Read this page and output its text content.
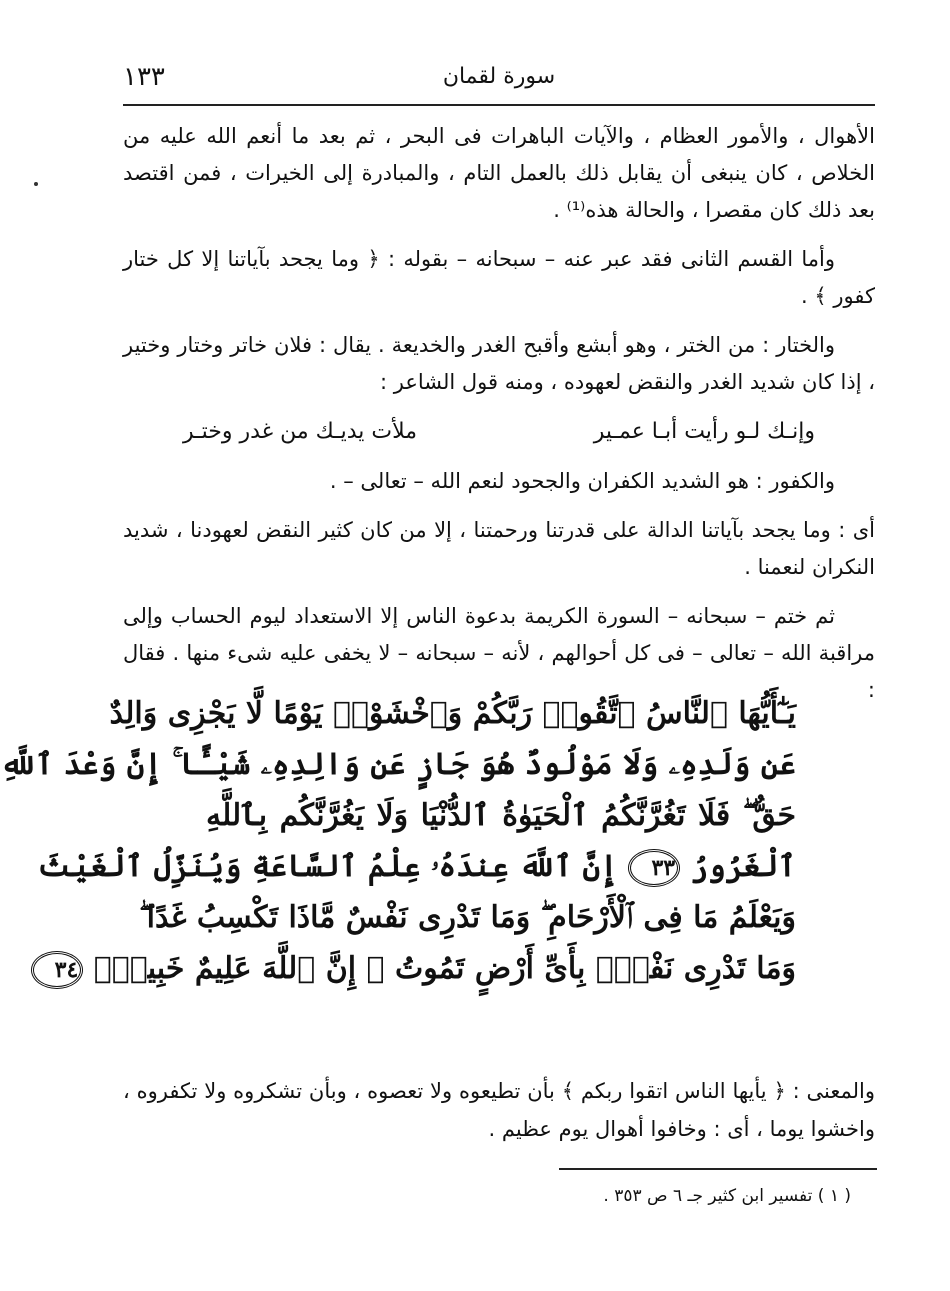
١٣٣	سورة لقمان

الأهوال ، والأمور العظام ، والآيات الباهرات فى البحر ، ثم بعد ما أنعم الله عليه من الخلاص ، كان ينبغى أن يقابل ذلك بالعمل التام ، والمبادرة إلى الخيرات ، فمن اقتصد بعد ذلك كان مقصرا ، والحالة هذه⁽¹⁾ .

وأما القسم الثانى فقد عبر عنه – سبحانه – بقوله : ﴿ وما يجحد بآياتنا إلا كل ختار كفور ﴾ .

والختار : من الختر ، وهو أبشع وأقبح الغدر والخديعة . يقال : فلان خاتر وختار وختير ، إذا كان شديد الغدر والنقض لعهوده ، ومنه قول الشاعر :

وإنـك لـو رأيت أبـا عمـير
ملأت يديـك من غدر وختـر

والكفور : هو الشديد الكفران والجحود لنعم الله – تعالى – .

أى : وما يجحد بآياتنا الدالة على قدرتنا ورحمتنا ، إلا من كان كثير النقض لعهودنا ، شديد النكران لنعمنا .

ثم ختم – سبحانه – السورة الكريمة بدعوة الناس إلا الاستعداد ليوم الحساب وإلى مراقبة الله – تعالى – فى كل أحوالهم ، لأنه – سبحانه – لا يخفى عليه شىء منها . فقال :

يَـٰٓأَيُّهَا ٱلنَّاسُ ٱتَّقُوا۟ رَبَّكُمْ وَٱخْشَوْا۟ يَوْمًا لَّا يَجْزِى وَالِدٌ
عَن وَلَدِهِۦ وَلَا مَوْلُودٌ هُوَ جَازٍ عَن وَالِدِهِۦ شَيْـًٔا ۚ إِنَّ وَعْدَ ٱللَّهِ
حَقٌّ ۖ فَلَا تَغُرَّنَّكُمُ ٱلْحَيَوٰةُ ٱلدُّنْيَا وَلَا يَغُرَّنَّكُم بِٱللَّهِ
ٱلْغَرُورُ ٣٣ إِنَّ ٱللَّهَ عِندَهُۥ عِلْمُ ٱلسَّاعَةِ وَيُنَزِّلُ ٱلْغَيْثَ
وَيَعْلَمُ مَا فِى ٱلْأَرْحَامِ ۖ وَمَا تَدْرِى نَفْسٌ مَّاذَا تَكْسِبُ غَدًا ۖ
وَمَا تَدْرِى نَفْسٌۢ بِأَىِّ أَرْضٍ تَمُوتُ ۚ إِنَّ ٱللَّهَ عَلِيمٌ خَبِيرٌۢ ٣٤
والمعنى : ﴿ يأيها الناس اتقوا ربكم ﴾ بأن تطيعوه ولا تعصوه ، وبأن تشكروه ولا تكفروه ، واخشوا يوما ، أى : وخافوا أهوال يوم عظيم .
( ١ ) تفسير ابن كثير جـ ٦ ص ٣٥٣ .
